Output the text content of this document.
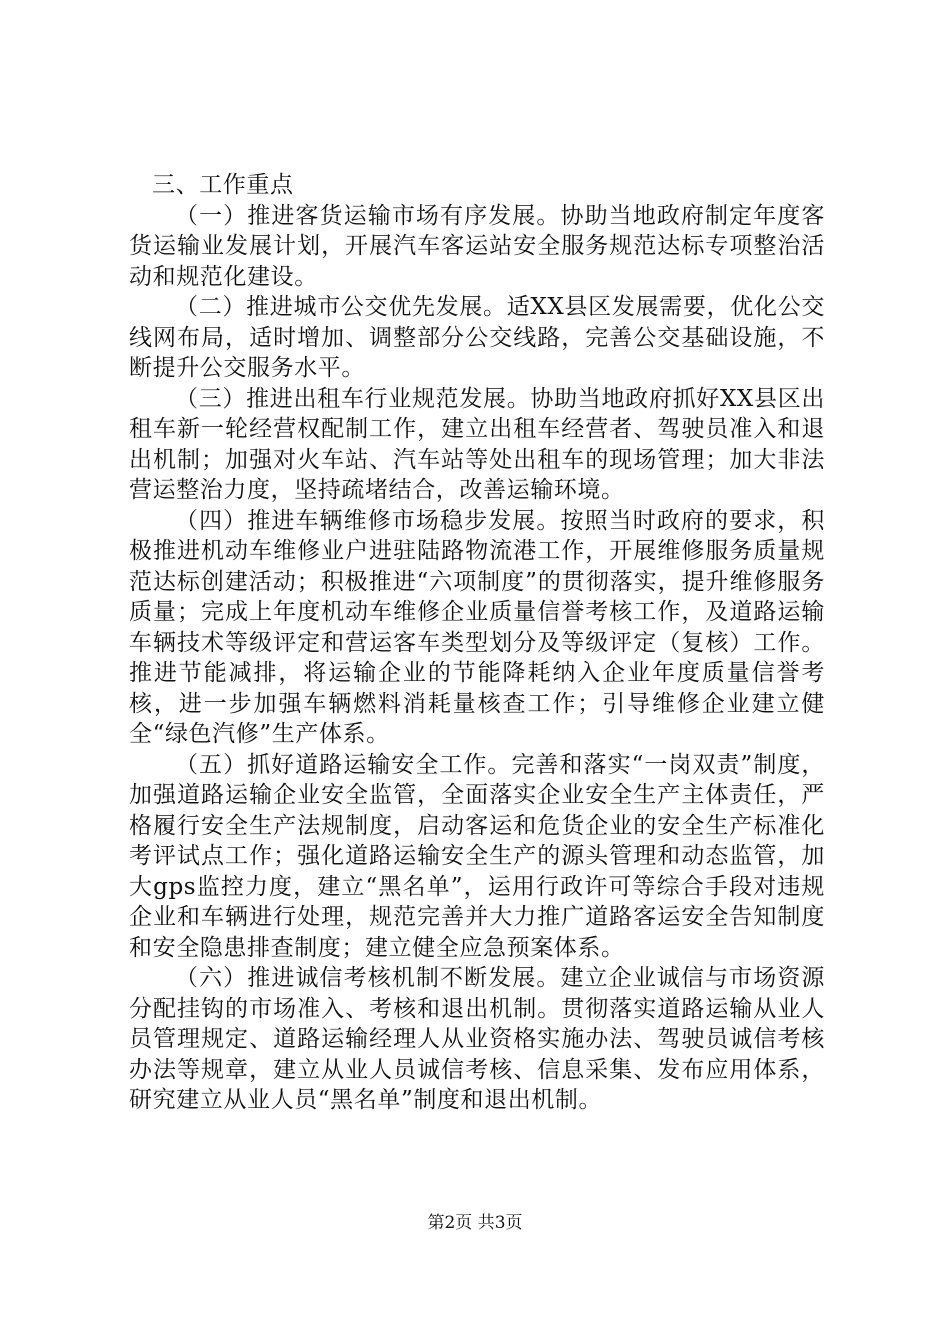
三、工作重点

（一）推进客货运输市场有序发展。协助当地政府制定年度客货运输业发展计划，开展汽车客运站安全服务规范达标专项整治活动和规范化建设。

（二）推进城市公交优先发展。适XX县区发展需要，优化公交线网布局，适时增加、调整部分公交线路，完善公交基础设施，不断提升公交服务水平。

（三）推进出租车行业规范发展。协助当地政府抓好XX县区出租车新一轮经营权配制工作，建立出租车经营者、驾驶员准入和退出机制；加强对火车站、汽车站等处出租车的现场管理；加大非法营运整治力度，坚持疏堵结合，改善运输环境。

（四）推进车辆维修市场稳步发展。按照当时政府的要求，积极推进机动车维修业户进驻陆路物流港工作，开展维修服务质量规范达标创建活动；积极推进“六项制度”的贯彻落实，提升维修服务质量；完成上年度机动车维修企业质量信誉考核工作，及道路运输车辆技术等级评定和营运客车类型划分及等级评定（复核）工作。推进节能减排，将运输企业的节能降耗纳入企业年度质量信誉考核，进一步加强车辆燃料消耗量核查工作；引导维修企业建立健全“绿色汽修”生产体系。

（五）抓好道路运输安全工作。完善和落实“一岗双责”制度，加强道路运输企业安全监管，全面落实企业安全生产主体责任，严格履行安全生产法规制度，启动客运和危货企业的安全生产标准化考评试点工作；强化道路运输安全生产的源头管理和动态监管，加大gps监控力度，建立“黑名单”，运用行政许可等综合手段对违规企业和车辆进行处理，规范完善并大力推广道路客运安全告知制度和安全隐患排查制度；建立健全应急预案体系。

（六）推进诚信考核机制不断发展。建立企业诚信与市场资源分配挂钩的市场准入、考核和退出机制。贯彻落实道路运输从业人员管理规定、道路运输经理人从业资格实施办法、驾驶员诚信考核办法等规章，建立从业人员诚信考核、信息采集、发布应用体系，研究建立从业人员“黑名单”制度和退出机制。

第2页 共3页
